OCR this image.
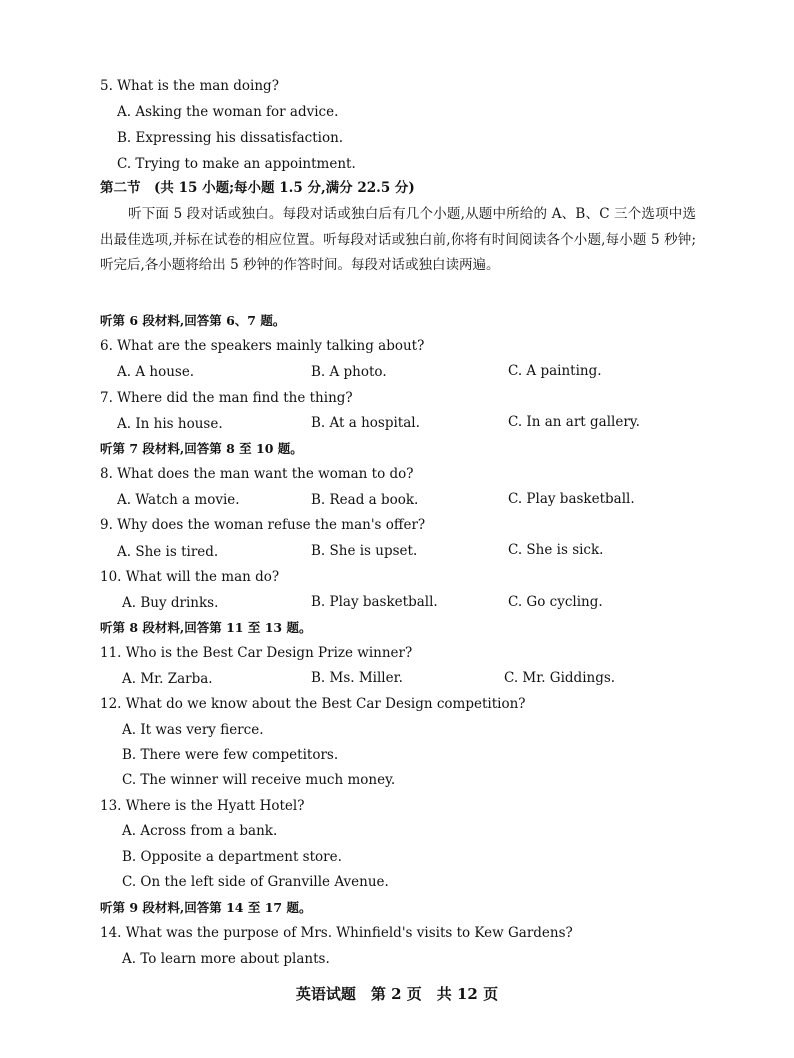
5. What is the man doing?
A. Asking the woman for advice.
B. Expressing his dissatisfaction.
C. Trying to make an appointment.
第二节　(共 15 小题;每小题 1.5 分,满分 22.5 分)
听下面 5 段对话或独白。每段对话或独白后有几个小题,从题中所给的 A、B、C 三个选项中选出最佳选项,并标在试卷的相应位置。听每段对话或独白前,你将有时间阅读各个小题,每小题 5 秒钟;听完后,各小题将给出 5 秒钟的作答时间。每段对话或独白读两遍。
听第 6 段材料,回答第 6、7 题。
6. What are the speakers mainly talking about?
A. A house.	B. A photo.	C. A painting.
7. Where did the man find the thing?
A. In his house.	B. At a hospital.	C. In an art gallery.
听第 7 段材料,回答第 8 至 10 题。
8. What does the man want the woman to do?
A. Watch a movie.	B. Read a book.	C. Play basketball.
9. Why does the woman refuse the man's offer?
A. She is tired.	B. She is upset.	C. She is sick.
10. What will the man do?
A. Buy drinks.	B. Play basketball.	C. Go cycling.
听第 8 段材料,回答第 11 至 13 题。
11. Who is the Best Car Design Prize winner?
A. Mr. Zarba.	B. Ms. Miller.	C. Mr. Giddings.
12. What do we know about the Best Car Design competition?
A. It was very fierce.
B. There were few competitors.
C. The winner will receive much money.
13. Where is the Hyatt Hotel?
A. Across from a bank.
B. Opposite a department store.
C. On the left side of Granville Avenue.
听第 9 段材料,回答第 14 至 17 题。
14. What was the purpose of Mrs. Whinfield's visits to Kew Gardens?
A. To learn more about plants.
英语试题　第 2 页　共 12 页
